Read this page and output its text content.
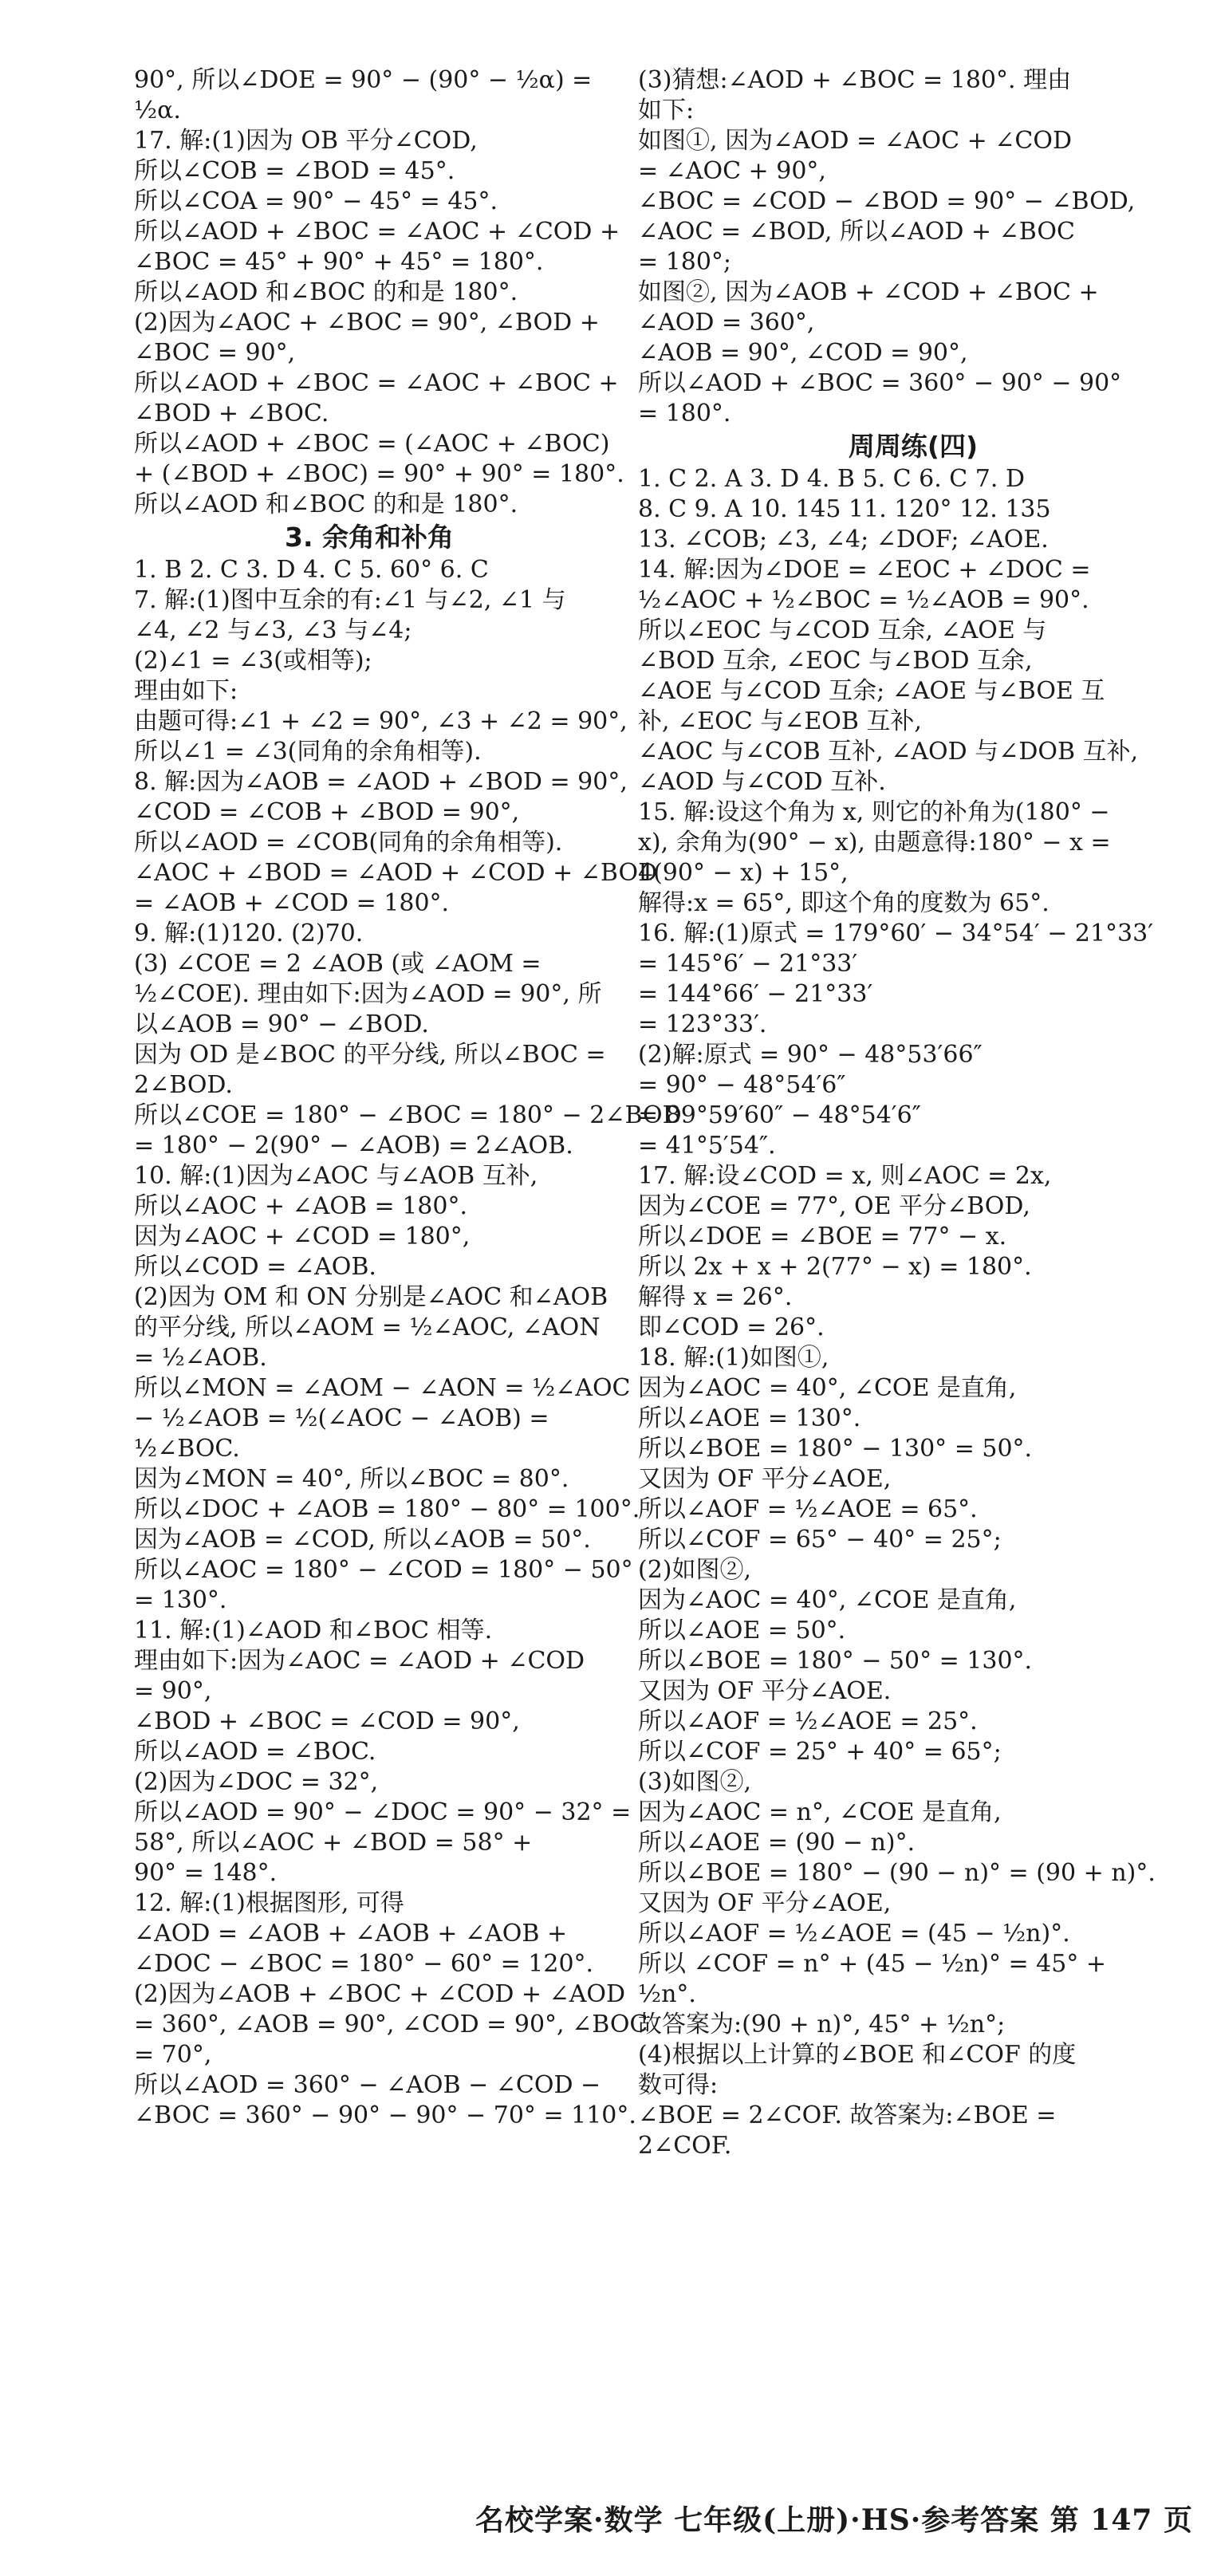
90°, 所以∠DOE = 90° − (90° − ½α) =
½α.
17. 解:(1)因为 OB 平分∠COD,
所以∠COB = ∠BOD = 45°.
所以∠COA = 90° − 45° = 45°.
所以∠AOD + ∠BOC = ∠AOC + ∠COD +
∠BOC = 45° + 90° + 45° = 180°.
所以∠AOD 和∠BOC 的和是 180°.
(2)因为∠AOC + ∠BOC = 90°, ∠BOD +
∠BOC = 90°,
所以∠AOD + ∠BOC = ∠AOC + ∠BOC +
∠BOD + ∠BOC.
所以∠AOD + ∠BOC = (∠AOC + ∠BOC)
+ (∠BOD + ∠BOC) = 90° + 90° = 180°.
所以∠AOD 和∠BOC 的和是 180°.
3. 余角和补角
1. B 2. C 3. D 4. C 5. 60° 6. C
7. 解:(1)图中互余的有:∠1 与∠2, ∠1 与
∠4, ∠2 与∠3, ∠3 与∠4;
(2)∠1 = ∠3(或相等);
理由如下:
由题可得:∠1 + ∠2 = 90°, ∠3 + ∠2 = 90°,
所以∠1 = ∠3(同角的余角相等).
8. 解:因为∠AOB = ∠AOD + ∠BOD = 90°,
∠COD = ∠COB + ∠BOD = 90°,
所以∠AOD = ∠COB(同角的余角相等).
∠AOC + ∠BOD = ∠AOD + ∠COD + ∠BOD
= ∠AOB + ∠COD = 180°.
9. 解:(1)120. (2)70.
(3) ∠COE = 2 ∠AOB (或 ∠AOM =
½∠COE). 理由如下:因为∠AOD = 90°, 所
以∠AOB = 90° − ∠BOD.
因为 OD 是∠BOC 的平分线, 所以∠BOC =
2∠BOD.
所以∠COE = 180° − ∠BOC = 180° − 2∠BOD
= 180° − 2(90° − ∠AOB) = 2∠AOB.
10. 解:(1)因为∠AOC 与∠AOB 互补,
所以∠AOC + ∠AOB = 180°.
因为∠AOC + ∠COD = 180°,
所以∠COD = ∠AOB.
(2)因为 OM 和 ON 分别是∠AOC 和∠AOB
的平分线, 所以∠AOM = ½∠AOC, ∠AON
= ½∠AOB.
所以∠MON = ∠AOM − ∠AON = ½∠AOC
− ½∠AOB = ½(∠AOC − ∠AOB) =
½∠BOC.
因为∠MON = 40°, 所以∠BOC = 80°.
所以∠DOC + ∠AOB = 180° − 80° = 100°.
因为∠AOB = ∠COD, 所以∠AOB = 50°.
所以∠AOC = 180° − ∠COD = 180° − 50°
= 130°.
11. 解:(1)∠AOD 和∠BOC 相等.
理由如下:因为∠AOC = ∠AOD + ∠COD
= 90°,
∠BOD + ∠BOC = ∠COD = 90°,
所以∠AOD = ∠BOC.
(2)因为∠DOC = 32°,
所以∠AOD = 90° − ∠DOC = 90° − 32° =
58°, 所以∠AOC + ∠BOD = 58° +
90° = 148°.
12. 解:(1)根据图形, 可得
∠AOD = ∠AOB + ∠AOB + ∠AOB +
∠DOC − ∠BOC = 180° − 60° = 120°.
(2)因为∠AOB + ∠BOC + ∠COD + ∠AOD
= 360°, ∠AOB = 90°, ∠COD = 90°, ∠BOC
= 70°,
所以∠AOD = 360° − ∠AOB − ∠COD −
∠BOC = 360° − 90° − 90° − 70° = 110°.
(3)猜想:∠AOD + ∠BOC = 180°. 理由
如下:
如图①, 因为∠AOD = ∠AOC + ∠COD
= ∠AOC + 90°,
∠BOC = ∠COD − ∠BOD = 90° − ∠BOD,
∠AOC = ∠BOD, 所以∠AOD + ∠BOC
= 180°;
如图②, 因为∠AOB + ∠COD + ∠BOC +
∠AOD = 360°,
∠AOB = 90°, ∠COD = 90°,
所以∠AOD + ∠BOC = 360° − 90° − 90°
= 180°.
周周练(四)
1. C 2. A 3. D 4. B 5. C 6. C 7. D
8. C 9. A 10. 145 11. 120° 12. 135
13. ∠COB; ∠3, ∠4; ∠DOF; ∠AOE.
14. 解:因为∠DOE = ∠EOC + ∠DOC =
½∠AOC + ½∠BOC = ½∠AOB = 90°.
所以∠EOC 与∠COD 互余, ∠AOE 与
∠BOD 互余, ∠EOC 与∠BOD 互余,
∠AOE 与∠COD 互余; ∠AOE 与∠BOE 互
补, ∠EOC 与∠EOB 互补,
∠AOC 与∠COB 互补, ∠AOD 与∠DOB 互补,
∠AOD 与∠COD 互补.
15. 解:设这个角为 x, 则它的补角为(180° −
x), 余角为(90° − x), 由题意得:180° − x =
4(90° − x) + 15°,
解得:x = 65°, 即这个角的度数为 65°.
16. 解:(1)原式 = 179°60′ − 34°54′ − 21°33′
= 145°6′ − 21°33′
= 144°66′ − 21°33′
= 123°33′.
(2)解:原式 = 90° − 48°53′66″
= 90° − 48°54′6″
= 89°59′60″ − 48°54′6″
= 41°5′54″.
17. 解:设∠COD = x, 则∠AOC = 2x,
因为∠COE = 77°, OE 平分∠BOD,
所以∠DOE = ∠BOE = 77° − x.
所以 2x + x + 2(77° − x) = 180°.
解得 x = 26°.
即∠COD = 26°.
18. 解:(1)如图①,
因为∠AOC = 40°, ∠COE 是直角,
所以∠AOE = 130°.
所以∠BOE = 180° − 130° = 50°.
又因为 OF 平分∠AOE,
所以∠AOF = ½∠AOE = 65°.
所以∠COF = 65° − 40° = 25°;
(2)如图②,
因为∠AOC = 40°, ∠COE 是直角,
所以∠AOE = 50°.
所以∠BOE = 180° − 50° = 130°.
又因为 OF 平分∠AOE.
所以∠AOF = ½∠AOE = 25°.
所以∠COF = 25° + 40° = 65°;
(3)如图②,
因为∠AOC = n°, ∠COE 是直角,
所以∠AOE = (90 − n)°.
所以∠BOE = 180° − (90 − n)° = (90 + n)°.
又因为 OF 平分∠AOE,
所以∠AOF = ½∠AOE = (45 − ½n)°.
所以 ∠COF = n° + (45 − ½n)° = 45° +
½n°.
故答案为:(90 + n)°, 45° + ½n°;
(4)根据以上计算的∠BOE 和∠COF 的度
数可得:
∠BOE = 2∠COF. 故答案为:∠BOE =
2∠COF.
名校学案·数学 七年级(上册)·HS·参考答案 第 147 页
